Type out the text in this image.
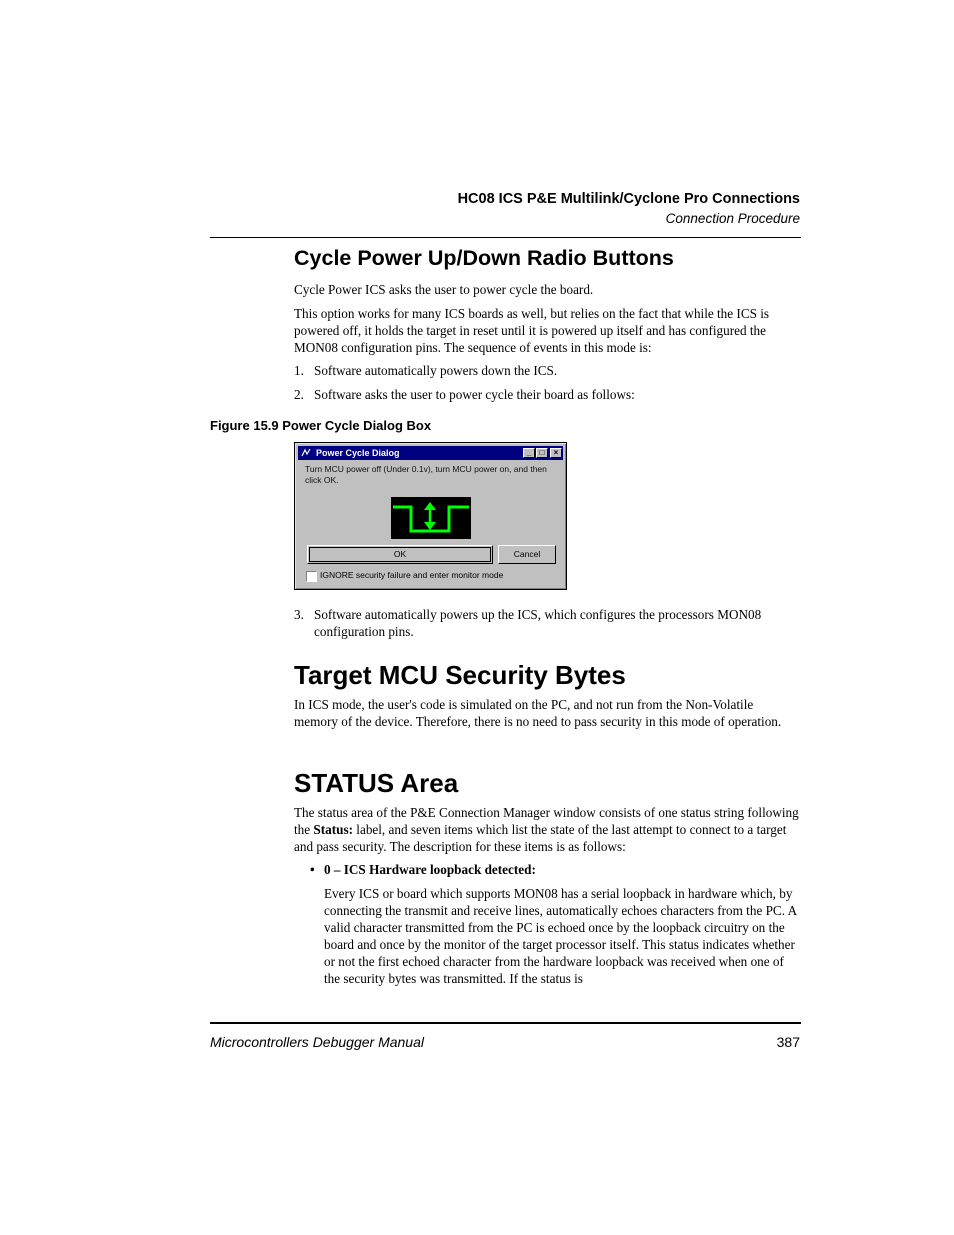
HC08 ICS P&E Multilink/Cyclone Pro Connections
Connection Procedure
Cycle Power Up/Down Radio Buttons
Cycle Power ICS asks the user to power cycle the board.
This option works for many ICS boards as well, but relies on the fact that while the ICS is powered off, it holds the target in reset until it is powered up itself and has configured the MON08 configuration pins. The sequence of events in this mode is:
1. Software automatically powers down the ICS.
2. Software asks the user to power cycle their board as follows:
Figure 15.9 Power Cycle Dialog Box
Power Cycle Dialog	_	□	×
Turn MCU power off (Under 0.1v), turn MCU power on, and then click OK.
OK	Cancel
IGNORE security failure and enter monitor mode
3. Software automatically powers up the ICS, which configures the processors MON08 configuration pins.
Target MCU Security Bytes
In ICS mode, the user's code is simulated on the PC, and not run from the Non-Volatile memory of the device. Therefore, there is no need to pass security in this mode of operation.
STATUS Area
The status area of the P&E Connection Manager window consists of one status string following the Status: label, and seven items which list the state of the last attempt to connect to a target and pass security. The description for these items is as follows:
• 0 – ICS Hardware loopback detected:
Every ICS or board which supports MON08 has a serial loopback in hardware which, by connecting the transmit and receive lines, automatically echoes characters from the PC. A valid character transmitted from the PC is echoed once by the loopback circuitry on the board and once by the monitor of the target processor itself. This status indicates whether or not the first echoed character from the hardware loopback was received when one of the security bytes was transmitted. If the status is
Microcontrollers Debugger Manual	387
